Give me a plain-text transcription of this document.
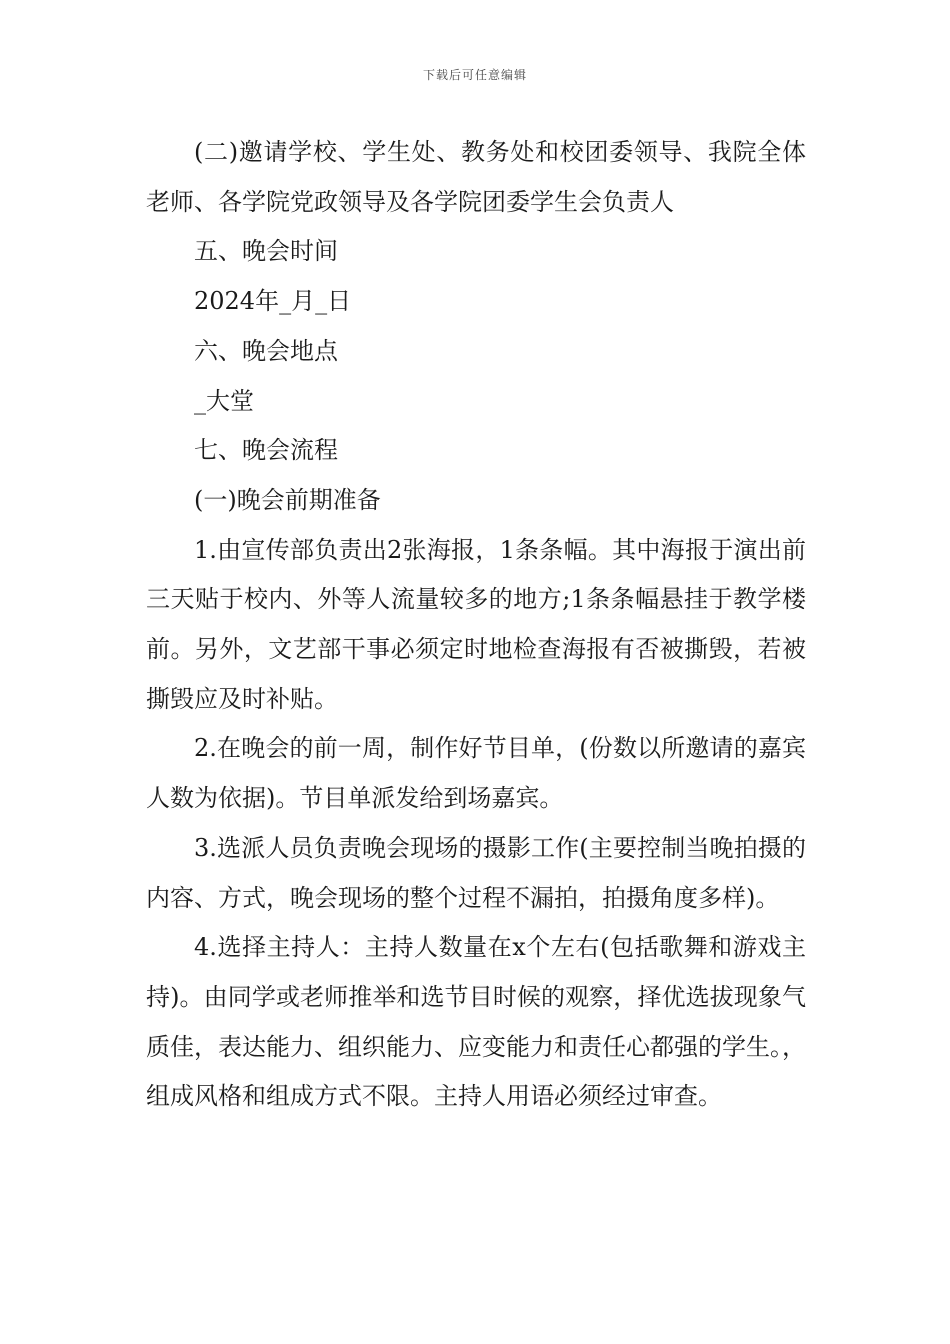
下载后可任意编辑

(二)邀请学校、学生处、教务处和校团委领导、我院全体老师、各学院党政领导及各学院团委学生会负责人

五、晚会时间

2024年_月_日

六、晚会地点

_大堂

七、晚会流程

(一)晚会前期准备

1.由宣传部负责出2张海报，1条条幅。其中海报于演出前三天贴于校内、外等人流量较多的地方;1条条幅悬挂于教学楼前。另外，文艺部干事必须定时地检查海报有否被撕毁，若被撕毁应及时补贴。

2.在晚会的前一周，制作好节目单，(份数以所邀请的嘉宾人数为依据)。节目单派发给到场嘉宾。

3.选派人员负责晚会现场的摄影工作(主要控制当晚拍摄的内容、方式，晚会现场的整个过程不漏拍，拍摄角度多样)。

4.选择主持人：主持人数量在x个左右(包括歌舞和游戏主持)。由同学或老师推举和选节目时候的观察，择优选拔现象气质佳，表达能力、组织能力、应变能力和责任心都强的学生。，组成风格和组成方式不限。主持人用语必须经过审查。
